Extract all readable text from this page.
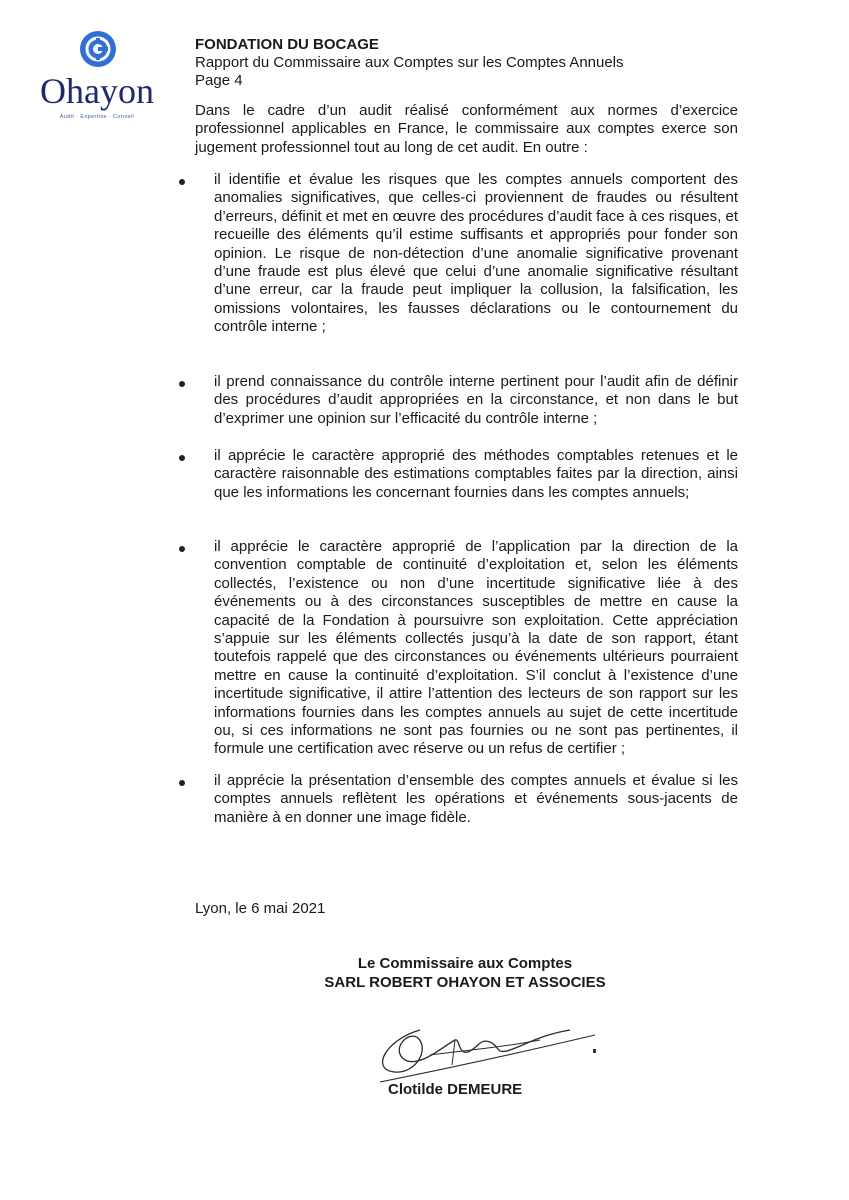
Ohayon
Audit · Expertise · Conseil
FONDATION DU BOCAGE
Rapport du Commissaire aux Comptes sur les Comptes Annuels
Page 4
Dans le cadre d’un audit réalisé conformément aux normes d’exercice professionnel applicables en France, le commissaire aux comptes exerce son jugement professionnel tout au long de cet audit. En outre :
il identifie et évalue les risques que les comptes annuels comportent des anomalies significatives, que celles-ci proviennent de fraudes ou résultent d’erreurs, définit et met en œuvre des procédures d’audit face à ces risques, et recueille des éléments qu’il estime suffisants et appropriés pour fonder son opinion. Le risque de non-détection d’une anomalie significative provenant d’une fraude est plus élevé que celui d’une anomalie significative résultant d’une erreur, car la fraude peut impliquer la collusion, la falsification, les omissions volontaires, les fausses déclarations ou le contournement du contrôle interne ;
il prend connaissance du contrôle interne pertinent pour l’audit afin de définir des procédures d’audit appropriées en la circonstance, et non dans le but d’exprimer une opinion sur l’efficacité du contrôle interne ;
il apprécie le caractère approprié des méthodes comptables retenues et le caractère raisonnable des estimations comptables faites par la direction, ainsi que les informations les concernant fournies dans les comptes annuels;
il apprécie le caractère approprié de l’application par la direction de la convention comptable de continuité d’exploitation et, selon les éléments collectés, l’existence ou non d’une incertitude significative liée à des événements ou à des circonstances susceptibles de mettre en cause la capacité de la Fondation à poursuivre son exploitation. Cette appréciation s’appuie sur les éléments collectés jusqu’à la date de son rapport, étant toutefois rappelé que des circonstances ou événements ultérieurs pourraient mettre en cause la continuité d’exploitation. S’il conclut à l’existence d’une incertitude significative, il attire l’attention des lecteurs de son rapport sur les informations fournies dans les comptes annuels au sujet de cette incertitude ou, si ces informations ne sont pas fournies ou ne sont pas pertinentes, il formule une certification avec réserve ou un refus de certifier ;
il apprécie la présentation d’ensemble des comptes annuels et évalue si les comptes annuels reflètent les opérations et événements sous-jacents de manière à en donner une image fidèle.
Lyon, le 6 mai 2021
Le Commissaire aux Comptes
SARL ROBERT OHAYON ET ASSOCIES
Clotilde DEMEURE
